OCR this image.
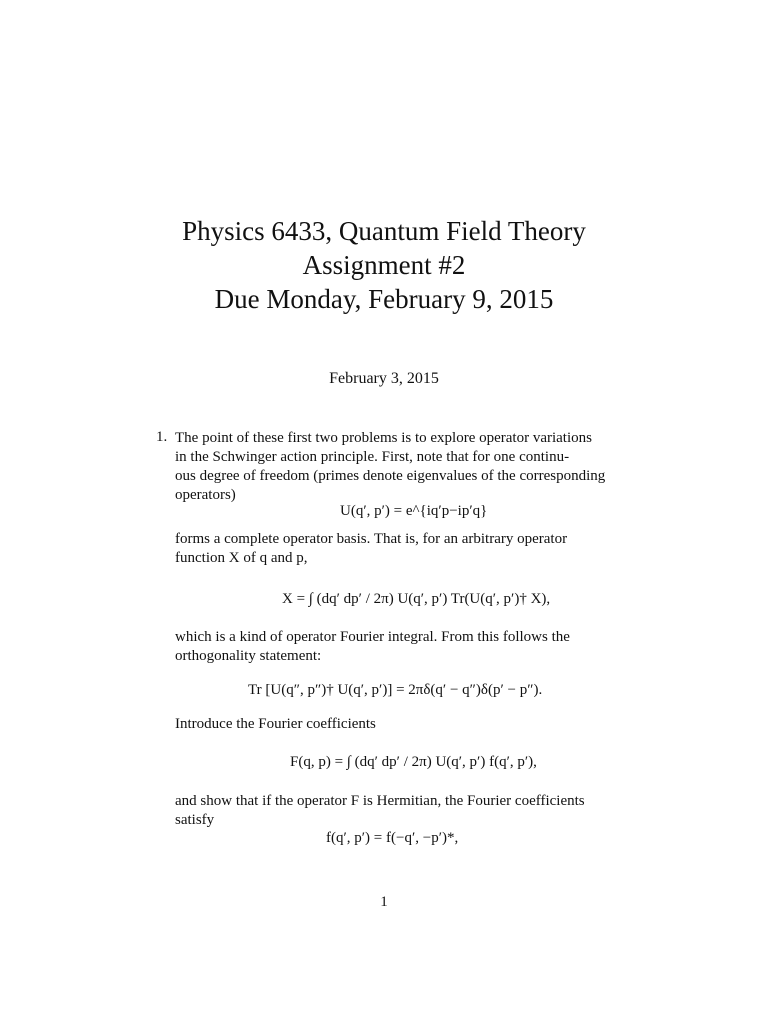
Physics 6433, Quantum Field Theory
Assignment #2
Due Monday, February 9, 2015
February 3, 2015
1. The point of these first two problems is to explore operator variations
in the Schwinger action principle. First, note that for one continu-
ous degree of freedom (primes denote eigenvalues of the corresponding
operators)
U(q′, p′) = e^{iq′p−ip′q}
forms a complete operator basis. That is, for an arbitrary operator
function X of q and p,
X = ∫ (dq′ dp′ / 2π) U(q′, p′) Tr(U(q′, p′)† X),
which is a kind of operator Fourier integral. From this follows the
orthogonality statement:
Tr [U(q″, p″)† U(q′, p′)] = 2πδ(q′ − q″)δ(p′ − p″).
Introduce the Fourier coefficients
F(q, p) = ∫ (dq′ dp′ / 2π) U(q′, p′) f(q′, p′),
and show that if the operator F is Hermitian, the Fourier coefficients
satisfy
f(q′, p′) = f(−q′, −p′)*,
1
